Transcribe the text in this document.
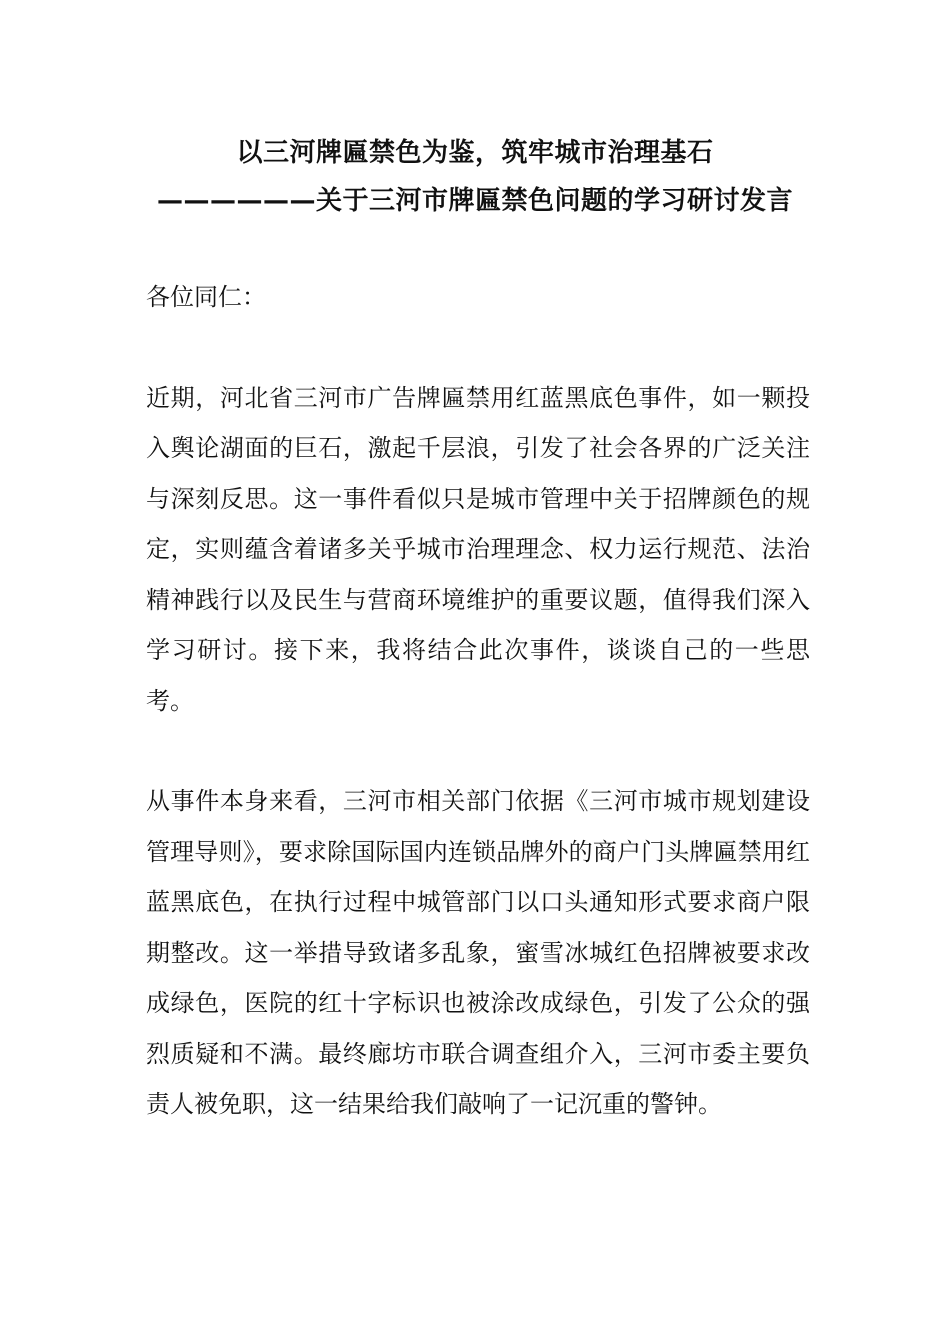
以三河牌匾禁色为鉴，筑牢城市治理基石
——————关于三河市牌匾禁色问题的学习研讨发言

各位同仁：

近期，河北省三河市广告牌匾禁用红蓝黑底色事件，如一颗投入舆论湖面的巨石，激起千层浪，引发了社会各界的广泛关注与深刻反思。这一事件看似只是城市管理中关于招牌颜色的规定，实则蕴含着诸多关乎城市治理理念、权力运行规范、法治精神践行以及民生与营商环境维护的重要议题，值得我们深入学习研讨。接下来，我将结合此次事件，谈谈自己的一些思考。

从事件本身来看，三河市相关部门依据《三河市城市规划建设管理导则》，要求除国际国内连锁品牌外的商户门头牌匾禁用红蓝黑底色，在执行过程中城管部门以口头通知形式要求商户限期整改。这一举措导致诸多乱象，蜜雪冰城红色招牌被要求改成绿色，医院的红十字标识也被涂改成绿色，引发了公众的强烈质疑和不满。最终廊坊市联合调查组介入，三河市委主要负责人被免职，这一结果给我们敲响了一记沉重的警钟。
